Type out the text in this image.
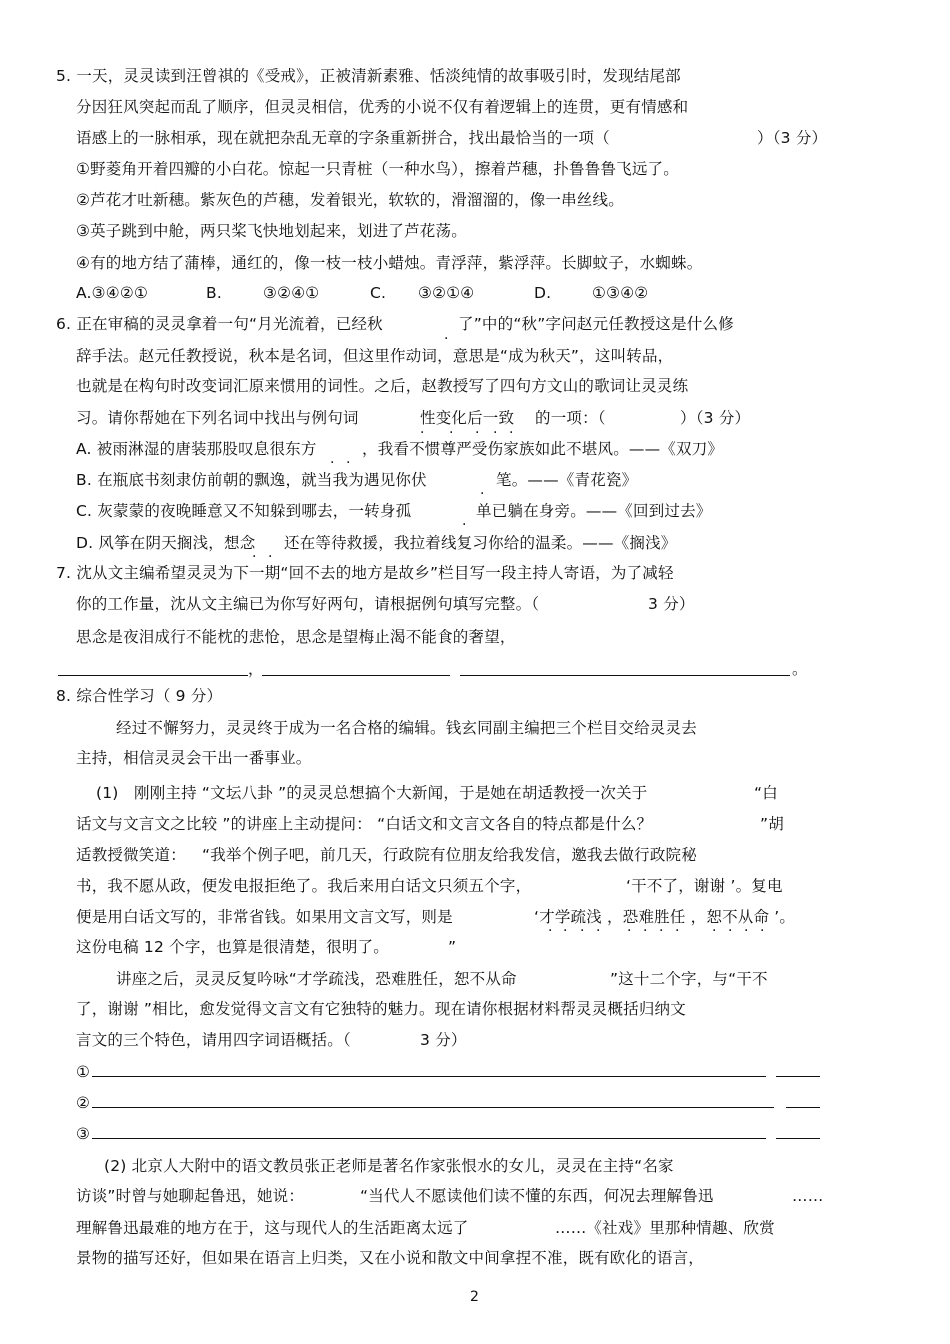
5. 一天，灵灵读到汪曾祺的《受戒》，正被清新素雅、恬淡纯情的故事吸引时，发现结尾部
分因狂风突起而乱了顺序，但灵灵相信，优秀的小说不仅有着逻辑上的连贯，更有情感和
语感上的一脉相承，现在就把杂乱无章的字条重新拼合，找出最恰当的一项（	）（3 分）
①野菱角开着四瓣的小白花。惊起一只青桩（一种水鸟），擦着芦穗，扑鲁鲁鲁飞远了。
②芦花才吐新穗。紫灰色的芦穗，发着银光，软软的，滑溜溜的，像一串丝线。
③英子跳到中舱，两只桨飞快地划起来，划进了芦花荡。
④有的地方结了蒲棒，通红的，像一枝一枝小蜡烛。青浮萍，紫浮萍。长脚蚊子，水蜘蛛。
A.③④②①	B.	③②④①	C. ③②①④	D.	①③④②
6. 正在审稿的灵灵拿着一句“月光流着，已经秋	了”中的“秋”字问赵元任教授这是什么修
·
辞手法。赵元任教授说，秋本是名词，但这里作动词，意思是“成为秋天”，这叫转品，
也就是在构句时改变词汇原来惯用的词性。之后，赵教授写了四句方文山的歌词让灵灵练
习。请你帮她在下列名词中找出与例句词	性变化后一致
· · · · ·
的一项：（	）（3 分）
A. 被雨淋湿的唐装那股叹息很东方	，我看不惯尊严受伤家族如此不堪风。——《双刀》
· ·
B. 在瓶底书刻隶仿前朝的飘逸，就当我为遇见你伏	笔。——《青花瓷》
·
C. 灰蒙蒙的夜晚睡意又不知躲到哪去，一转身孤	单已躺在身旁。——《回到过去》
·
D. 风筝在阴天搁浅，想念 还在等待救援，我拉着线复习你给的温柔。——《搁浅》
· ·
7. 沈从文主编希望灵灵为下一期“回不去的地方是故乡”栏目写一段主持人寄语，为了减轻
你的工作量，沈从文主编已为你写好两句，请根据例句填写完整。（	3 分）
思念是夜泪成行不能枕的悲怆，思念是望梅止渴不能食的奢望，
，	。
8. 综合性学习（ 9 分）
经过不懈努力，灵灵终于成为一名合格的编辑。钱玄同副主编把三个栏目交给灵灵去
主持，相信灵灵会干出一番事业。
(1) 刚刚主持 “文坛八卦 ”的灵灵总想搞个大新闻，于是她在胡适教授一次关于	“白
话文与文言文之比较 ”的讲座上主动提问： “白话文和文言文各自的特点都是什么？	”胡
适教授微笑道： “我举个例子吧，前几天，行政院有位朋友给我发信，邀我去做行政院秘
书，我不愿从政，便发电报拒绝了。我后来用白话文只须五个字，	‘干不了，谢谢 ’。复电
便是用白话文写的，非常省钱。如果用文言文写，则是	‘才学疏浅 ，恐难胜任 ，恕不从命 ’。
· · · · · · · · · · · ·
这份电稿 12 个字，也算是很清楚，很明了。	”
讲座之后，灵灵反复吟咏“才学疏浅，恐难胜任，恕不从命	”这十二个字，与“干不
了，谢谢 ”相比，愈发觉得文言文有它独特的魅力。现在请你根据材料帮灵灵概括归纳文
言文的三个特色，请用四字词语概括。（	3 分）
①
②
③
(2) 北京人大附中的语文教员张正老师是著名作家张恨水的女儿，灵灵在主持“名家
访谈”时曾与她聊起鲁迅，她说：	“当代人不愿读他们读不懂的东西，何况去理解鲁迅	……
理解鲁迅最难的地方在于，这与现代人的生活距离太远了	……《社戏》里那种情趣、欣赏
景物的描写还好，但如果在语言上归类，又在小说和散文中间拿捏不准，既有欧化的语言，
2
